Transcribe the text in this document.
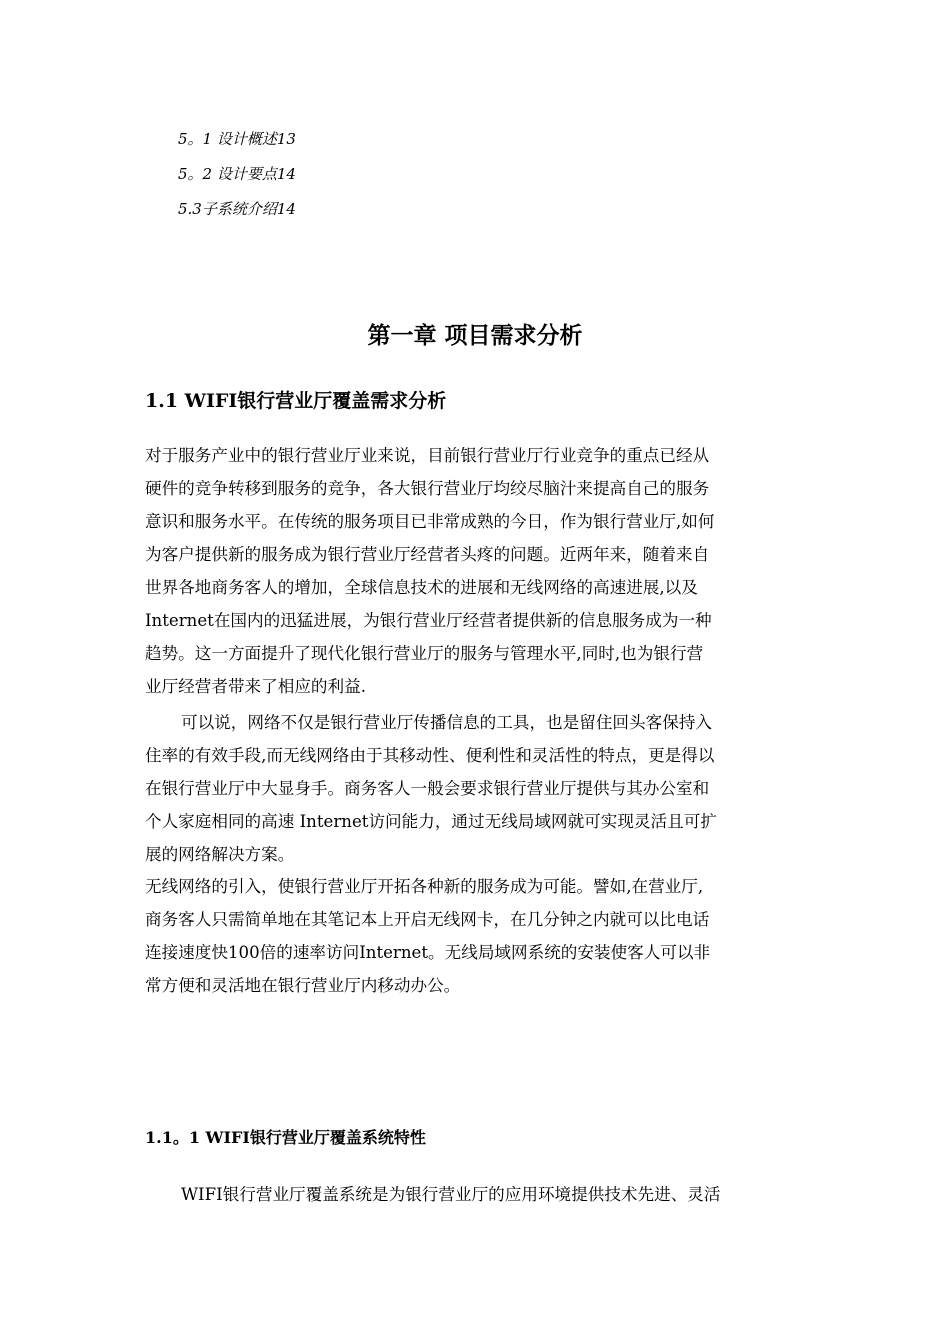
5。1 设计概述13
5。2 设计要点14
5.3子系统介绍14
第一章 项目需求分析
1.1 WIFI银行营业厅覆盖需求分析
对于服务产业中的银行营业厅业来说，目前银行营业厅行业竞争的重点已经从
硬件的竞争转移到服务的竞争，各大银行营业厅均绞尽脑汁来提高自己的服务
意识和服务水平。在传统的服务项目已非常成熟的今日，作为银行营业厅,如何
为客户提供新的服务成为银行营业厅经营者头疼的问题。近两年来，随着来自
世界各地商务客人的增加，全球信息技术的进展和无线网络的高速进展,以及
Internet在国内的迅猛进展，为银行营业厅经营者提供新的信息服务成为一种
趋势。这一方面提升了现代化银行营业厅的服务与管理水平,同时,也为银行营
业厅经营者带来了相应的利益.
可以说，网络不仅是银行营业厅传播信息的工具，也是留住回头客保持入
住率的有效手段,而无线网络由于其移动性、便利性和灵活性的特点，更是得以
在银行营业厅中大显身手。商务客人一般会要求银行营业厅提供与其办公室和
个人家庭相同的高速 Internet访问能力，通过无线局域网就可实现灵活且可扩
展的网络解决方案。
无线网络的引入，使银行营业厅开拓各种新的服务成为可能。譬如,在营业厅,
商务客人只需简单地在其笔记本上开启无线网卡，在几分钟之内就可以比电话
连接速度快100倍的速率访问Internet。无线局域网系统的安装使客人可以非
常方便和灵活地在银行营业厅内移动办公。
1.1。1 WIFI银行营业厅覆盖系统特性
WIFI银行营业厅覆盖系统是为银行营业厅的应用环境提供技术先进、灵活
